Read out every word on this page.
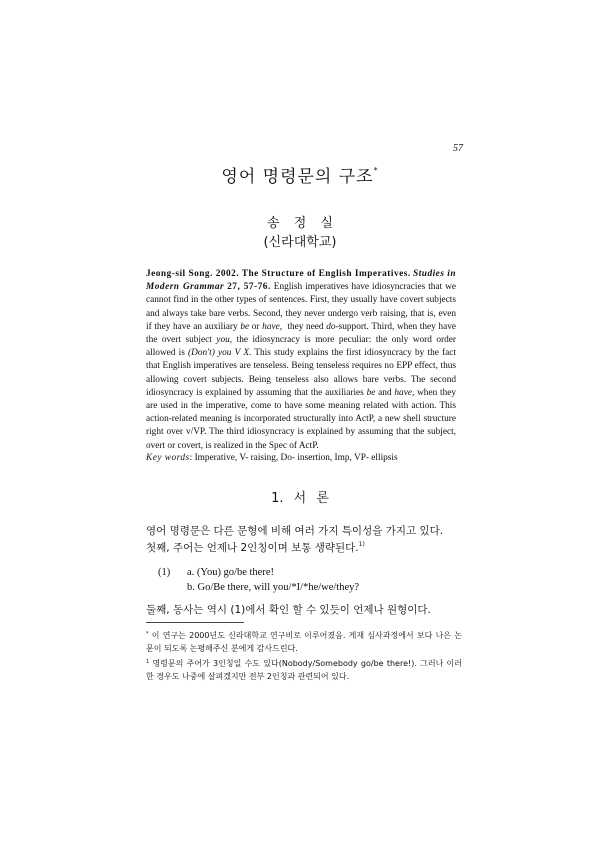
57
영어 명령문의 구조*
송 정 실
(신라대학교)
Jeong-sil Song. 2002. The Structure of English Imperatives. Studies in Modern Grammar 27, 57-76. English imperatives have idiosyncracies that we cannot find in the other types of sentences. First, they usually have covert subjects and always take bare verbs. Second, they never undergo verb raising, that is, even if they have an auxiliary be or have, they need do-support. Third, when they have the overt subject you, the idiosyncracy is more peculiar: the only word order allowed is (Don't) you V X. This study explains the first idiosyncracy by the fact that English imperatives are tenseless. Being tenseless requires no EPP effect, thus allowing covert subjects. Being tenseless also allows bare verbs. The second idiosyncracy is explained by assuming that the auxiliaries be and have, when they are used in the imperative, come to have some meaning related with action. This action-related meaning is incorporated structurally into ActP, a new shell structure right over v/VP. The third idiosyncracy is explained by assuming that the subject, overt or covert, is realized in the Spec of ActP.
Key words: Imperative, V- raising, Do- insertion, Imp, VP- ellipsis
1. 서 론
영어 명령문은 다른 문형에 비해 여러 가지 특이성을 가지고 있다.
첫째, 주어는 언제나 2인칭이며 보통 생략된다.$^{1)}$
(1) a. (You) go/be there!
b. Go/Be there, will you/*I/*he/we/they?
둘째, 동사는 역시 (1)에서 확인 할 수 있듯이 언제나 원형이다.
* 이 연구는 2000년도 신라대학교 연구비로 이루어졌음. 게재 심사과정에서 보다 나은 논문이 되도록 논평해주신 분에게 감사드린다.
$^1$ 명령문의 주어가 3인칭일 수도 있다(Nobody/Somebody go/be there!). 그러나 이러한 경우도 나중에 살펴겠지만 전부 2인칭과 관련되어 있다.
